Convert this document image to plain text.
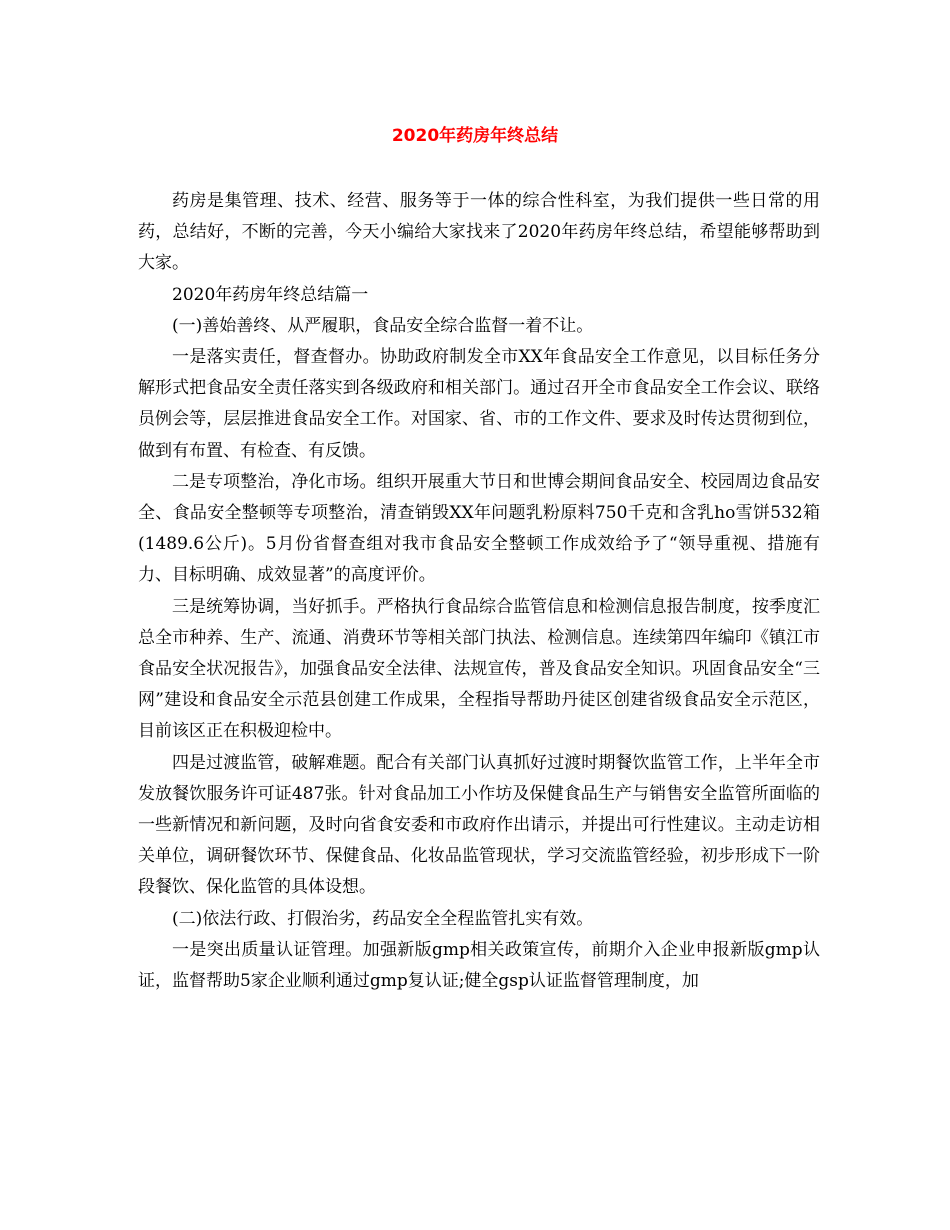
2020年药房年终总结

药房是集管理、技术、经营、服务等于一体的综合性科室，为我们提供一些日常的用药，总结好，不断的完善，今天小编给大家找来了2020年药房年终总结，希望能够帮助到大家。

2020年药房年终总结篇一

(一)善始善终、从严履职，食品安全综合监督一着不让。

一是落实责任，督查督办。协助政府制发全市XX年食品安全工作意见，以目标任务分解形式把食品安全责任落实到各级政府和相关部门。通过召开全市食品安全工作会议、联络员例会等，层层推进食品安全工作。对国家、省、市的工作文件、要求及时传达贯彻到位，做到有布置、有检查、有反馈。

二是专项整治，净化市场。组织开展重大节日和世博会期间食品安全、校园周边食品安全、食品安全整顿等专项整治，清查销毁XX年问题乳粉原料750千克和含乳ho雪饼532箱(1489.6公斤)。5月份省督查组对我市食品安全整顿工作成效给予了“领导重视、措施有力、目标明确、成效显著”的高度评价。

三是统筹协调，当好抓手。严格执行食品综合监管信息和检测信息报告制度，按季度汇总全市种养、生产、流通、消费环节等相关部门执法、检测信息。连续第四年编印《镇江市食品安全状况报告》，加强食品安全法律、法规宣传，普及食品安全知识。巩固食品安全“三网”建设和食品安全示范县创建工作成果，全程指导帮助丹徒区创建省级食品安全示范区，目前该区正在积极迎检中。

四是过渡监管，破解难题。配合有关部门认真抓好过渡时期餐饮监管工作，上半年全市发放餐饮服务许可证487张。针对食品加工小作坊及保健食品生产与销售安全监管所面临的一些新情况和新问题，及时向省食安委和市政府作出请示，并提出可行性建议。主动走访相关单位，调研餐饮环节、保健食品、化妆品监管现状，学习交流监管经验，初步形成下一阶段餐饮、保化监管的具体设想。

(二)依法行政、打假治劣，药品安全全程监管扎实有效。

一是突出质量认证管理。加强新版gmp相关政策宣传，前期介入企业申报新版gmp认证，监督帮助5家企业顺利通过gmp复认证;健全gsp认证监督管理制度，加
